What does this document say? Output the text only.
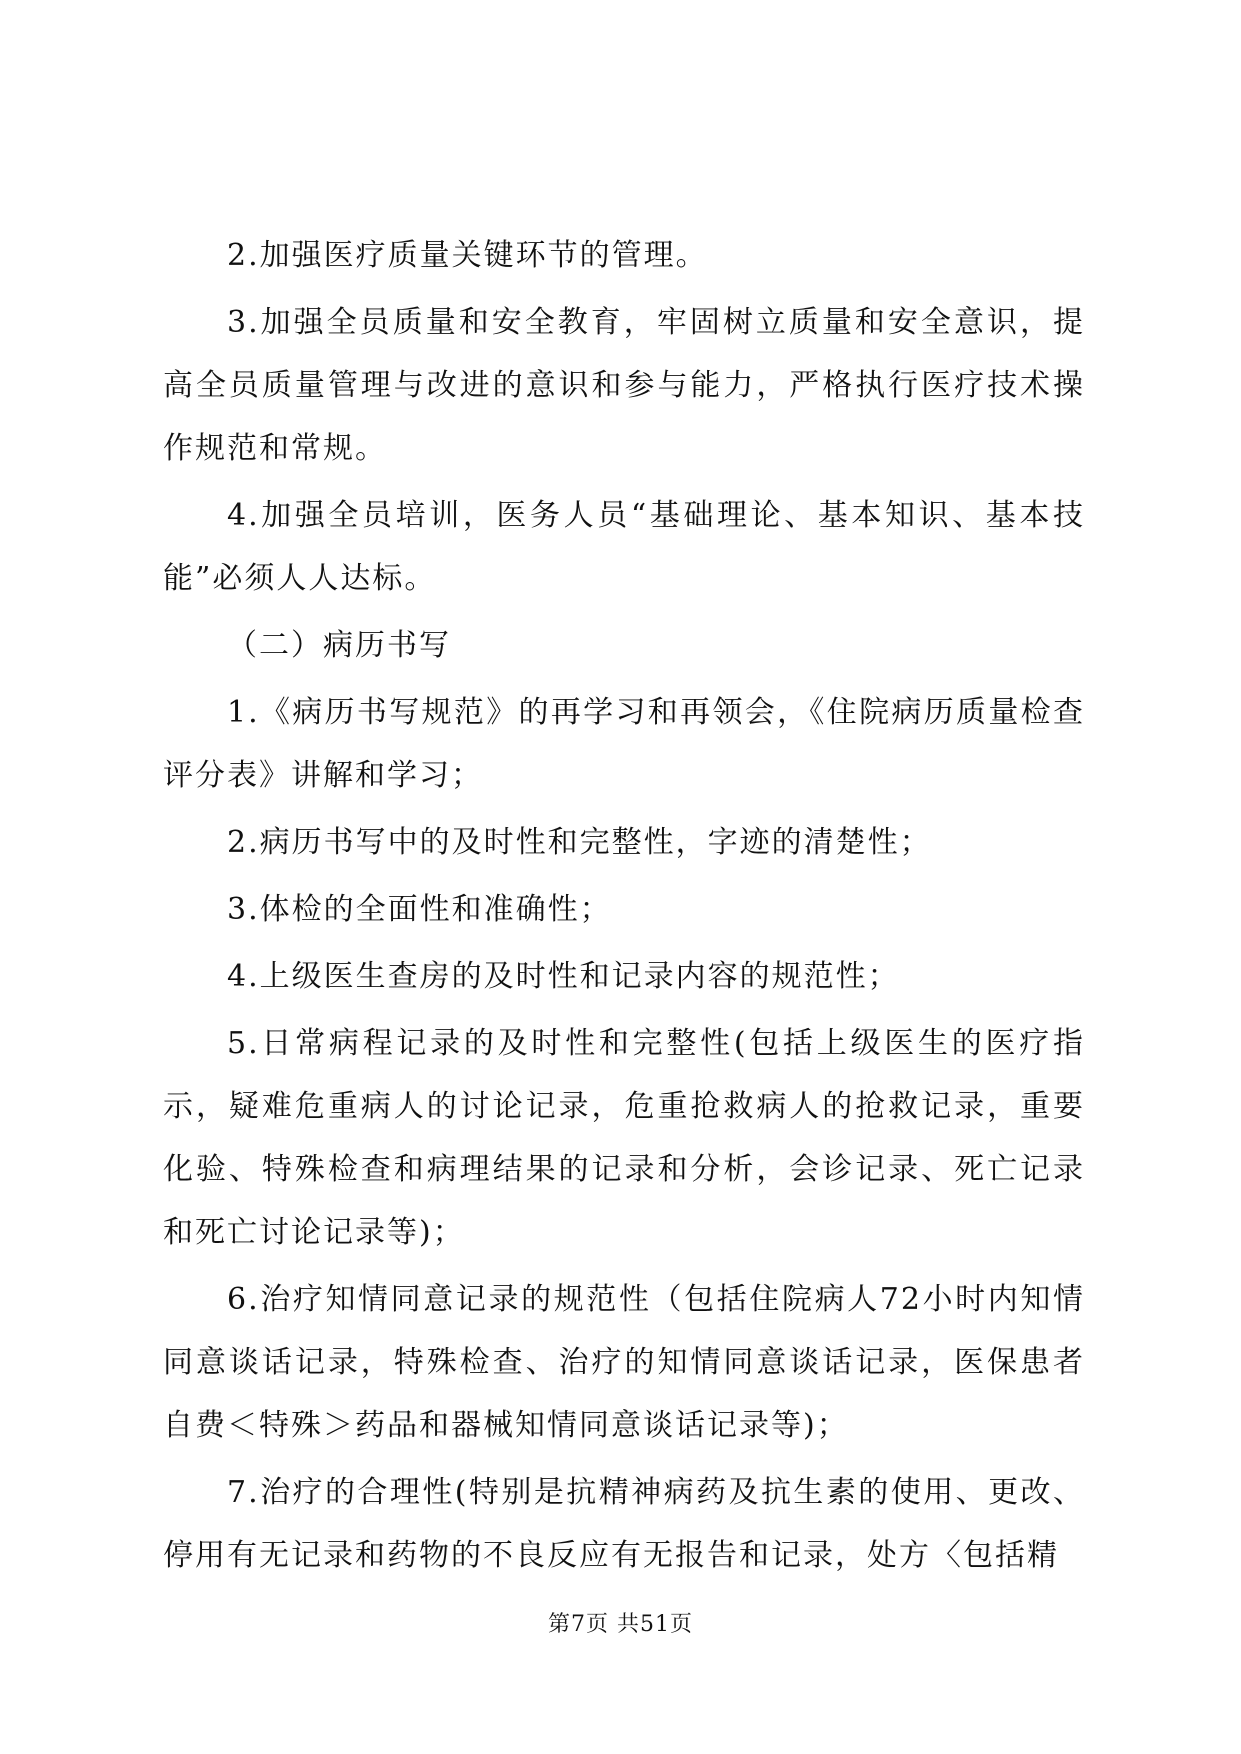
2.加强医疗质量关键环节的管理。

3.加强全员质量和安全教育，牢固树立质量和安全意识，提高全员质量管理与改进的意识和参与能力，严格执行医疗技术操作规范和常规。

4.加强全员培训，医务人员“基础理论、基本知识、基本技能”必须人人达标。

（二）病历书写

1.《病历书写规范》的再学习和再领会，《住院病历质量检查评分表》讲解和学习；

2.病历书写中的及时性和完整性，字迹的清楚性；

3.体检的全面性和准确性；

4.上级医生查房的及时性和记录内容的规范性；

5.日常病程记录的及时性和完整性(包括上级医生的医疗指示，疑难危重病人的讨论记录，危重抢救病人的抢救记录，重要化验、特殊检查和病理结果的记录和分析，会诊记录、死亡记录和死亡讨论记录等)；

6.治疗知情同意记录的规范性（包括住院病人72小时内知情同意谈话记录，特殊检查、治疗的知情同意谈话记录，医保患者自费＜特殊＞药品和器械知情同意谈话记录等)；

7.治疗的合理性(特别是抗精神病药及抗生素的使用、更改、停用有无记录和药物的不良反应有无报告和记录，处方〈包括精

第7页 共51页
